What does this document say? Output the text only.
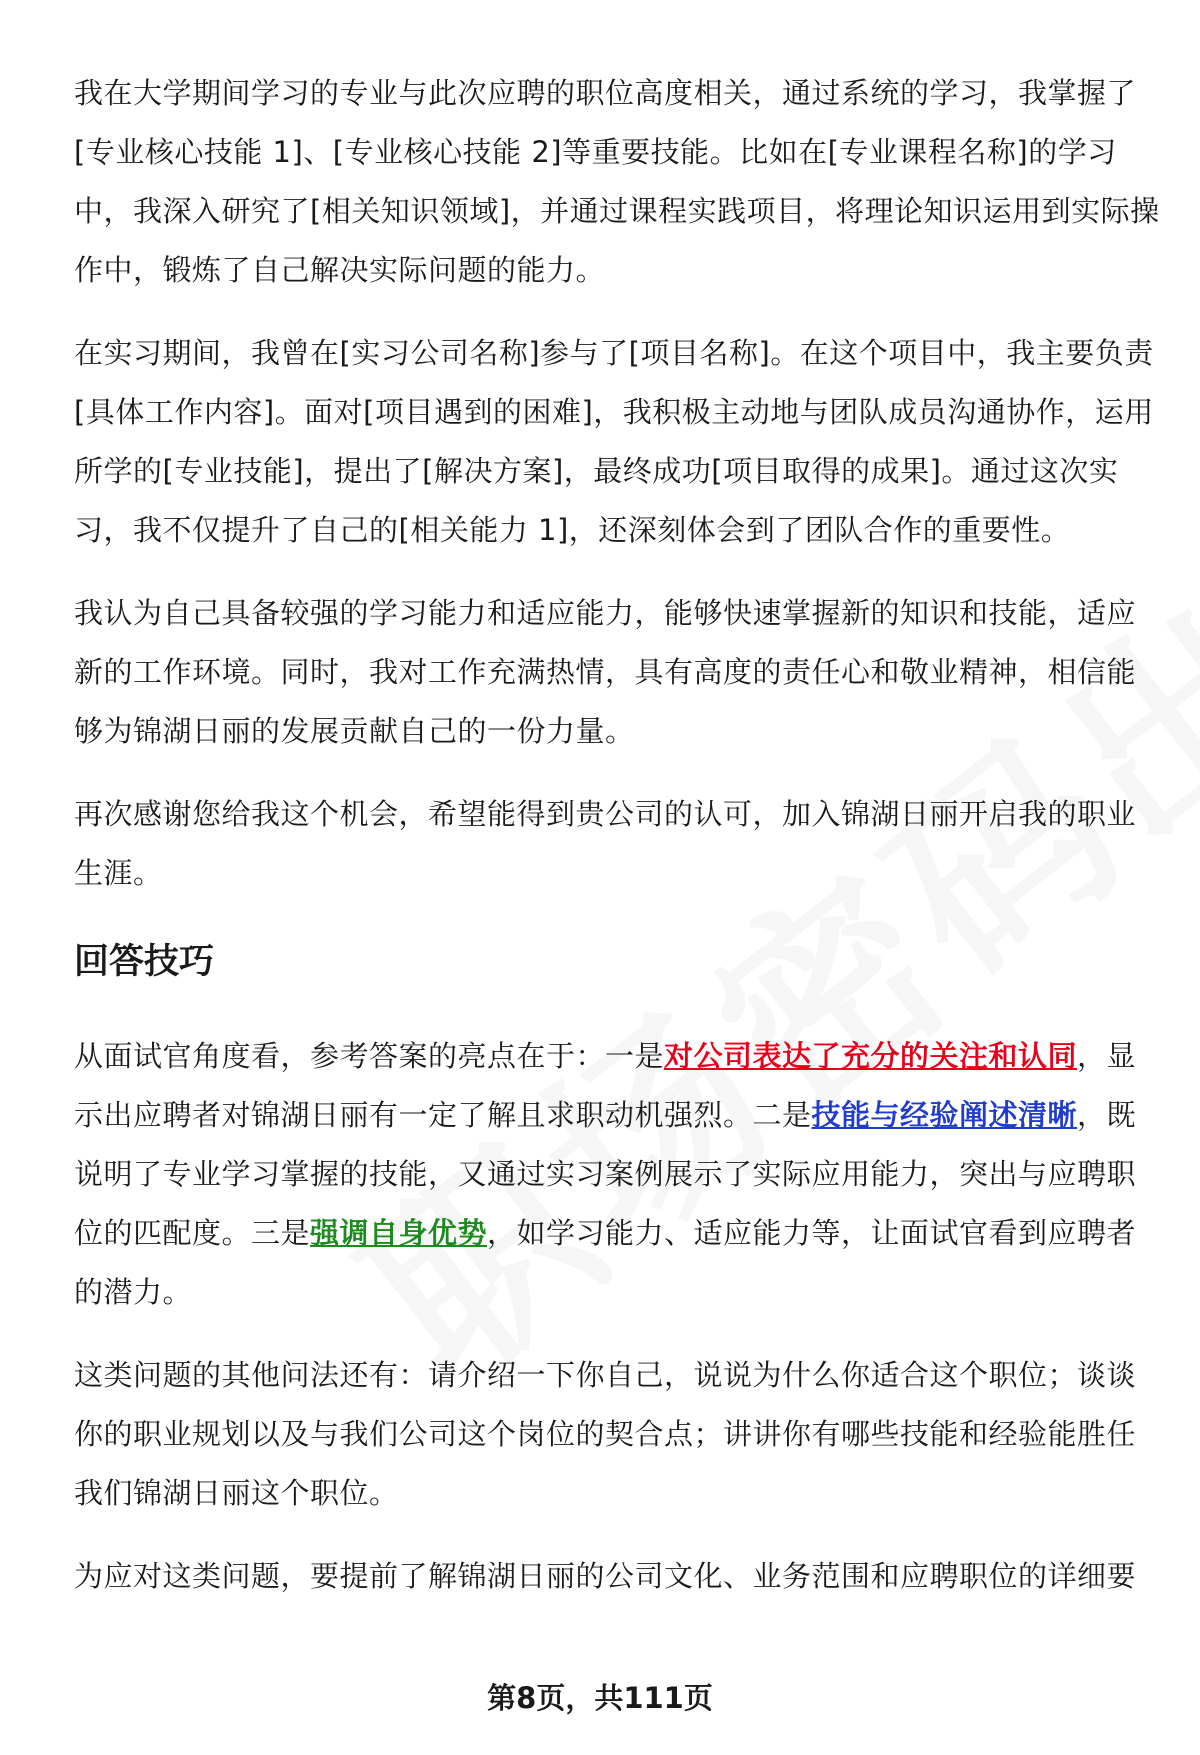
我在大学期间学习的专业与此次应聘的职位高度相关，通过系统的学习，我掌握了[专业核心技能 1]、[专业核心技能 2]等重要技能。比如在[专业课程名称]的学习中，我深入研究了[相关知识领域]，并通过课程实践项目，将理论知识运用到实际操作中，锻炼了自己解决实际问题的能力。

在实习期间，我曾在[实习公司名称]参与了[项目名称]。在这个项目中，我主要负责[具体工作内容]。面对[项目遇到的困难]，我积极主动地与团队成员沟通协作，运用所学的[专业技能]，提出了[解决方案]，最终成功[项目取得的成果]。通过这次实习，我不仅提升了自己的[相关能力 1]，还深刻体会到了团队合作的重要性。

我认为自己具备较强的学习能力和适应能力，能够快速掌握新的知识和技能，适应新的工作环境。同时，我对工作充满热情，具有高度的责任心和敬业精神，相信能够为锦湖日丽的发展贡献自己的一份力量。

再次感谢您给我这个机会，希望能得到贵公司的认可，加入锦湖日丽开启我的职业生涯。

回答技巧

从面试官角度看，参考答案的亮点在于：一是对公司表达了充分的关注和认同，显示出应聘者对锦湖日丽有一定了解且求职动机强烈。二是技能与经验阐述清晰，既说明了专业学习掌握的技能，又通过实习案例展示了实际应用能力，突出与应聘职位的匹配度。三是强调自身优势，如学习能力、适应能力等，让面试官看到应聘者的潜力。

这类问题的其他问法还有：请介绍一下你自己，说说为什么你适合这个职位；谈谈你的职业规划以及与我们公司这个岗位的契合点；讲讲你有哪些技能和经验能胜任我们锦湖日丽这个职位。

为应对这类问题，要提前了解锦湖日丽的公司文化、业务范围和应聘职位的详细要

第8页，共111页
